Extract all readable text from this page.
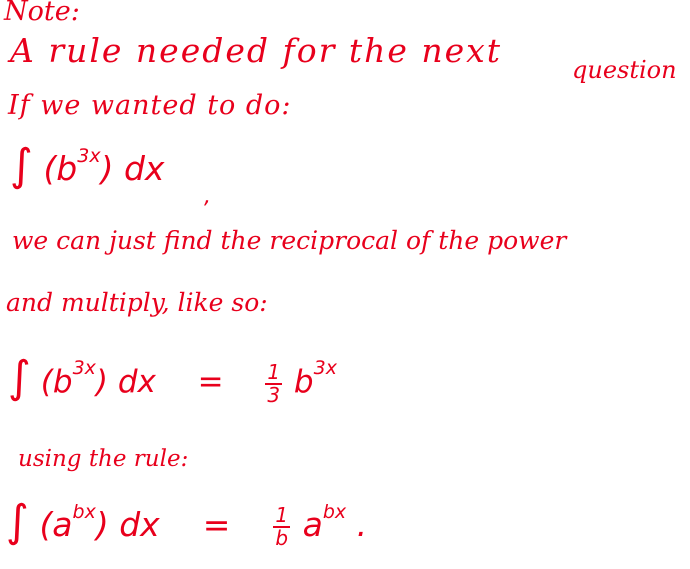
Note:
A rule needed for the next	question
If we wanted to do:
∫ $(b^{3x})$ dx
,
we can just find the reciprocal of the power
and multiply, like so:
∫ $(b^{3x})$ dx = $\frac{1}{3} b^{3x}$
using the rule:
∫ $(a^{bx})$ dx = $\frac{1}{b} a^{bx}$ .
